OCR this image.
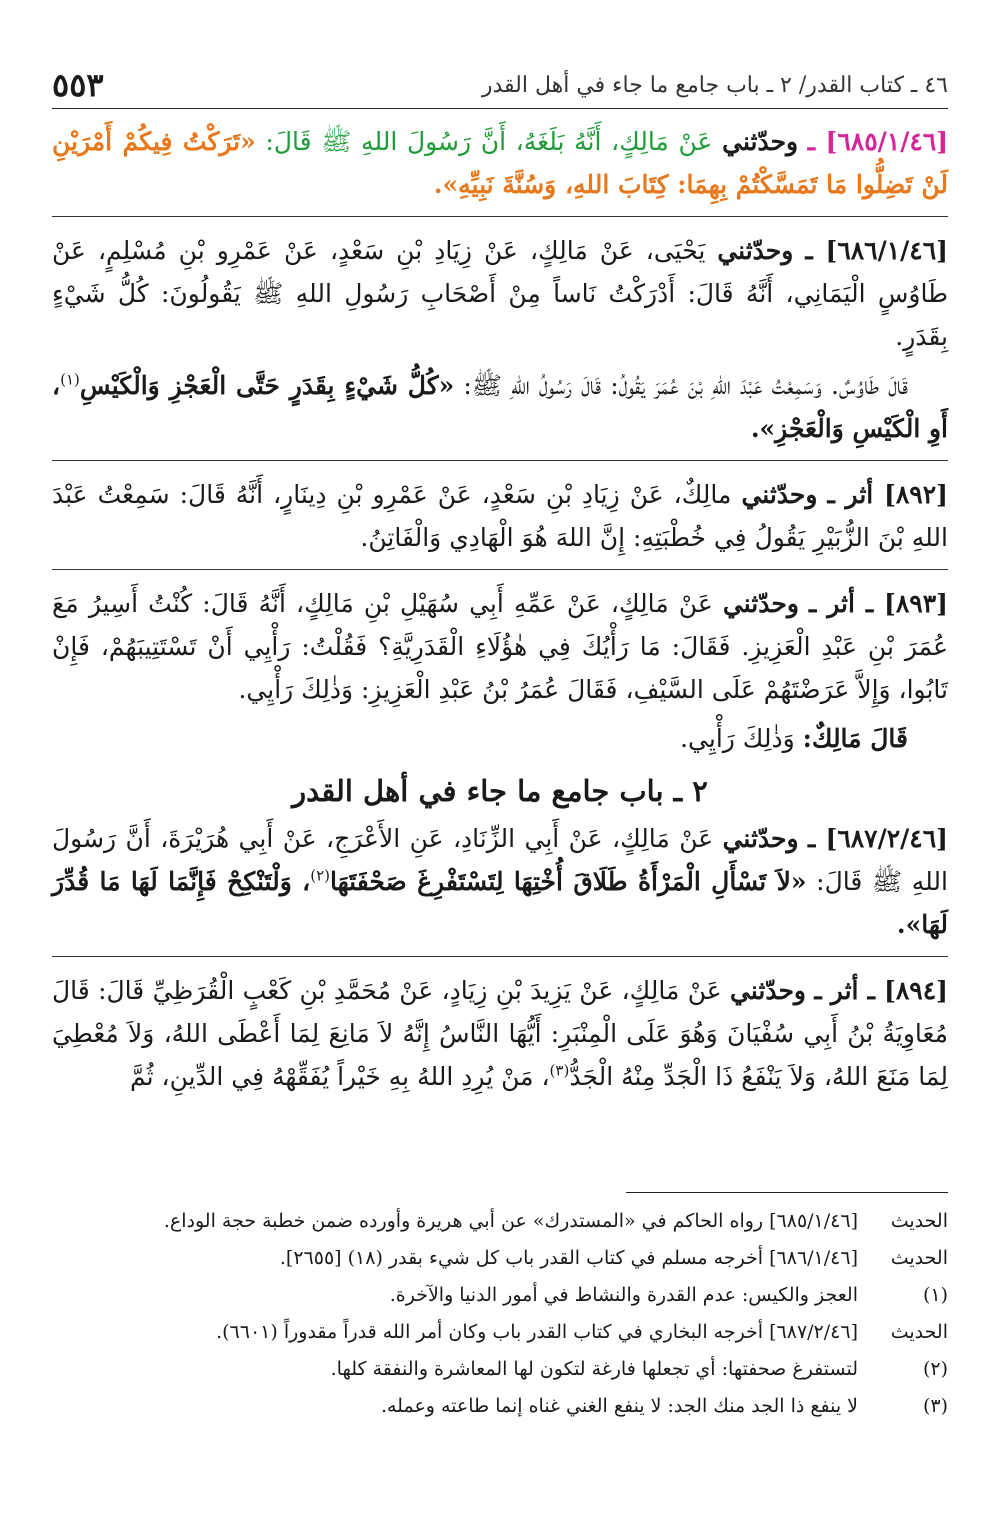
٤٦ ـ كتاب القدر/ ٢ ـ باب جامع ما جاء في أهل القدر
٥٥٣

[٦٨٥/١/٤٦] ـ وحدّثني عَنْ مَالِكٍ، أَنَّهُ بَلَغَهُ، أَنَّ رَسُولَ اللهِ ﷺ قَالَ: «تَرَكْتُ فِيكُمْ أَمْرَيْنِ لَنْ تَضِلُّوا مَا تَمَسَّكْتُمْ بِهِمَا: كِتَابَ اللهِ، وَسُنَّةَ نَبِيِّهِ».

[٦٨٦/١/٤٦] ـ وحدّثني يَحْيَى، عَنْ مَالِكٍ، عَنْ زِيَادِ بْنِ سَعْدٍ، عَنْ عَمْرِو بْنِ مُسْلِمٍ، عَنْ طَاوُسٍ الْيَمَانِي، أَنَّهُ قَالَ: أَدْرَكْتُ نَاساً مِنْ أَصْحَابِ رَسُولِ اللهِ ﷺ يَقُولُونَ: كُلُّ شَيْءٍ بِقَدَرٍ.

قَالَ طَاوُسٌ. وَسَمِعْتُ عَبْدَ اللهِ بْنَ عُمَرَ يَقُولُ: قَالَ رَسُولُ اللهِ ﷺ: «كُلُّ شَيْءٍ بِقَدَرٍ حَتَّى الْعَجْزِ وَالْكَيْسِ$^{(١)}$، أَوِ الْكَيْسِ وَالْعَجْزِ».

[٨٩٢] أثر ـ وحدّثني مالِكٌ، عَنْ زِيَادِ بْنِ سَعْدٍ، عَنْ عَمْرِو بْنِ دِينَارٍ، أَنَّهُ قَالَ: سَمِعْتُ عَبْدَ اللهِ بْنَ الزُّبَيْرِ يَقُولُ فِي خُطْبَتِهِ: إِنَّ اللهَ هُوَ الْهَادِي وَالْفَاتِنُ.

[٨٩٣] ـ أثر ـ وحدّثني عَنْ مَالِكٍ، عَنْ عَمِّهِ أَبِي سُهَيْلِ بْنِ مَالِكٍ، أَنَّهُ قَالَ: كُنْتُ أَسِيرُ مَعَ عُمَرَ بْنِ عَبْدِ الْعَزِيزِ. فَقَالَ: مَا رَأْيُكَ فِي هٰؤُلَاءِ الْقَدَرِيَّةِ؟ فَقُلْتُ: رَأْيِي أَنْ تَسْتَتِيبَهُمْ، فَإِنْ تَابُوا، وَإِلاَّ عَرَضْتَهُمْ عَلَى السَّيْفِ، فَقَالَ عُمَرُ بْنُ عَبْدِ الْعَزِيزِ: وَذٰلِكَ رَأْيِي.

قَالَ مَالِكٌ: وَذٰلِكَ رَأْيِي.

٢ ـ باب جامع ما جاء في أهل القدر

[٦٨٧/٢/٤٦] ـ وحدّثني عَنْ مَالِكٍ، عَنْ أَبِي الزِّنَادِ، عَنِ الأَعْرَجِ، عَنْ أَبِي هُرَيْرَةَ، أَنَّ رَسُولَ اللهِ ﷺ قَالَ: «لاَ تَسْأَلِ الْمَرْأَةُ طَلَاقَ أُخْتِهَا لِتَسْتَفْرِغَ صَحْفَتَهَا$^{(٢)}$، وَلْتَنْكِحْ فَإِنَّمَا لَهَا مَا قُدِّرَ لَهَا».

[٨٩٤] ـ أثر ـ وحدّثني عَنْ مَالِكٍ، عَنْ يَزِيدَ بْنِ زِيَادٍ، عَنْ مُحَمَّدِ بْنِ كَعْبٍ الْقُرَظِيِّ قَالَ: قَالَ مُعَاوِيَةُ بْنُ أَبِي سُفْيَانَ وَهُوَ عَلَى الْمِنْبَرِ: أَيُّهَا النَّاسُ إِنَّهُ لاَ مَانِعَ لِمَا أَعْطَى اللهُ، وَلاَ مُعْطِيَ لِمَا مَنَعَ اللهُ، وَلاَ يَنْفَعُ ذَا الْجَدِّ مِنْهُ الْجَدُّ$^{(٣)}$، مَنْ يُرِدِ اللهُ بِهِ خَيْراً يُفَقِّهْهُ فِي الدِّينِ، ثُمَّ

الحديث
[٦٨٥/١/٤٦] رواه الحاكم في «المستدرك» عن أبي هريرة وأورده ضمن خطبة حجة الوداع.
الحديث
[٦٨٦/١/٤٦] أخرجه مسلم في كتاب القدر باب كل شيء بقدر (١٨) [٢٦٥٥].
(١)
العجز والكيس: عدم القدرة والنشاط في أمور الدنيا والآخرة.
الحديث
[٦٨٧/٢/٤٦] أخرجه البخاري في كتاب القدر باب وكان أمر الله قدراً مقدوراً (٦٦٠١).
(٢)
لتستفرغ صحفتها: أي تجعلها فارغة لتكون لها المعاشرة والنفقة كلها.
(٣)
لا ينفع ذا الجد منك الجد: لا ينفع الغني غناه إنما طاعته وعمله.
